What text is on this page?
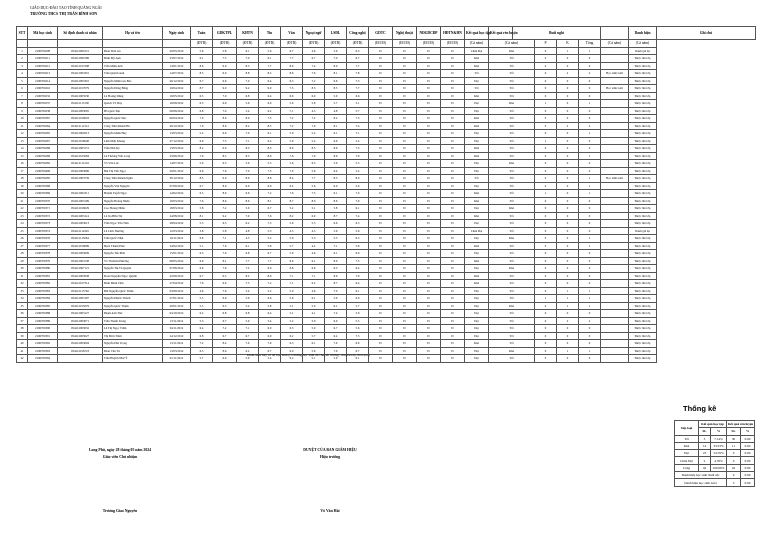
GIÁO DỤC-ĐÀO TẠO TỈNH QUẢNG NGÃI
TRƯỜNG THCS THỊ TRẤN BÌNH SƠN
STT	Mã học sinh	Số định danh cá nhân	Họ và tên	Ngày sinh	Toán	GDKTPL	KHTN	Tin	Văn	Ngoại ngữ	LSĐL	Công nghệ	GDTC	Nghệ thuật	NĐGDCĐP	HĐTN&HN	Kết quả học tập	Kết quả rèn luyện	Buổi nghỉ					Danh hiệu	Ghi chú
					(ĐTB)	(ĐTB)	(ĐTB)	(ĐTB)	(ĐTB)	(ĐTB)	(ĐTB)	(ĐTB)	(Đ/CĐ)	(Đ/CĐ)	(Đ/CĐ)	(Đ/CĐ)	(Cả năm)	(Cả năm)		P	K	Tổng	(Cả năm)	(Cả năm)	
1	2106700208	054212001021	Phan Thái An	20/05/2010	5.6	5.8	6.1	5.6	6.7	4.6	5.6	6.3	Đ	Đ	Đ	Đ	Chưa Đạt	Khá		0	1	1		Danh giá lại	
2	2106700211	054212001086	Đinh Mỹ Anh	23/07/2012	6.1	7.5	7.0	6.1	7.7	6.7	7.0	6.7	Đ	Đ	Đ	Đ	Khá	Tốt		0	0	0		Được lên lớp	
3	2106700212	054212017298	Trần Minh Anh	14/01/2012	8.6	9.0	8.3	7.7	8.9	7.4	8.0	7.7	Đ	Đ	Đ	Đ	Khá	Tốt		0	0	0		Được lên lớp	
4	2106700213	054212003301	Trần Quỳnh Anh	14/07/2012	8.5	9.0	8.8	8.2	8.6	7.6	8.1	7.8	Đ	Đ	Đ	Đ	Tốt	Tốt		0	2	2	Học sinh Giỏi	Được lên lớp	
5	2106700214	054212003310	Nguyễn Minh Gia Bảo	26/12/2012	6.7	6.6	7.0	6.4	6.5	7.2	6.6	7.3	Đ	Đ	Đ	Đ	Đạt	Tốt		0	0	0		Được lên lớp	
6	2106700216	054212017079	Nguyễn Đông Bằng	19/04/2012	8.7	9.0	9.2	9.0	7.5	8.3	8.5	7.7	Đ	Đ	Đ	Đ	Tốt	Tốt		0	0	0	Học sinh Giỏi	Được lên lớp	
7	2106700232	054212003530	Lê Hoàng Dũng	19/05/2012	6.5	7.0	6.8	6.4	6.6	6.9	5.9	6.6	Đ	Đ	Đ	Đ	Khá	Tốt		0	0	0		Được lên lớp	
8	2106700237	054212115130	Quách Võ Duy	16/09/2012	6.3	6.9	5.6	6.0	5.9	5.8	5.7	5.1	Đ	Đ	Đ	Đ	Đạt	Khá		1	0	1		Được lên lớp	
9	2106700238	054212003005	Hồ Quốc Đạt	09/06/2012	6.8	7.0	5.4	6.2	7.1	4.5	4.8	5.7	Đ	Đ	Đ	Đ	Đạt	Tốt		0	0	0		Được lên lớp	
10	2106700367	054212016003	Nguyễn Quốc Đạt	06/04/2012	7.0	8.6	8.0	7.5	7.2	7.2	8.2	7.3	Đ	Đ	Đ	Đ	Khá	Tốt		0	0	0		Được lên lớp	
11	2106700264	054212112112	Công Trần Khánh Hà	26/12/2012	7.0	8.6	8.2	8.5	7.2	7.9	8.1	7.4	Đ	Đ	Đ	Đ	Khá	Tốt		0	2	2		Được lên lớp	
12	2106700265	054212002013	Nguyễn Minh Huy	13/03/2012	5.4	6.6	7.0	6.1	5.0	5.2	6.1	7.1	Đ	Đ	Đ	Đ	Đạt	Tốt		0	0	1		Được lên lớp	
13	2106700267	054212016046	Lâm Nhật Khang	27/12/2012	6.9	7.5	7.1	6.2	5.9	5.2	6.9	5.4	Đ	Đ	Đ	Đ	Đạt	Tốt		1	0	0		Được lên lớp	
14	2106700268	054212003151	Trần Nhã Kỳ	13/03/2012	8.2	9.0	8.3	8.3	8.9	8.5	8.6	7.3	Đ	Đ	Đ	Đ	Khá	Tốt		0	0	0		Được lên lớp	
15	2106700269	054212015084	Lê Thương Yến Long	23/06/2012	7.6	8.5	8.5	8.6	7.6	7.9	8.6	7.9	Đ	Đ	Đ	Đ	Khá	Tốt		0	0	1		Được lên lớp	
16	2106700282	054212111216	Võ Văn Lực	14/07/2012	5.0	6.3	5.9	5.5	5.6	6.3	5.6	5.5	Đ	Đ	Đ	Đ	Đạt	Khá		0	0	0		Được lên lớp	
17	2106700406	054212003066	Bùi Thị Yến Ngọc	20/01/2012	6.6	7.6	7.0	7.5	7.0	5.9	6.4	5.4	Đ	Đ	Đ	Đ	Đạt	Tốt		0	0	0		Được lên lớp	
18	2106700285	054212003739	Công Trần Khánh Ngân	30/12/2012	8.5	9.0	8.6	8.8	8.4	7.7	8.5	8.0	Đ	Đ	Đ	Đ	Tốt	Tốt		0	0	1	Học sinh Giỏi	Được lên lớp	
19	2106700368		Nguyễn Văn Nguyên	07/09/2012	6.7	8.0	6.6	6.0	6.2	5.6	6.0	5.6	Đ	Đ	Đ	Đ	Đạt	Tốt		0	0	1		Được lên lớp	
20	2106700369	054212002311	Huỳnh Tuyết Ngọc	14/02/2012	6.5	8.6	6.6	7.2	7.6	7.3	6.1	7.0	Đ	Đ	Đ	Đ	Khá	Tốt		1	0	1		Được lên lớp	
21	2106700370	054212003199	Nguyễn Hoàng Nhân	19/03/2012	7.6	8.6	8.6	8.1	8.7	8.0	8.6	7.9	Đ	Đ	Đ	Đ	Khá	Tốt		0	0	0		Được lên lớp	
22	2106700371	054212016029	Cao Hoàng Nhân	18/03/2012	5.8	7.2	5.9	6.7	5.2	5.1	5.8	6.1	Đ	Đ	Đ	Đ	Đạt	Khá		0	0	0		Được lên lớp	
23	2106700372	054212003114	Lê Xa Hữu Tài	24/08/2012	8.1	9.2	7.9	7.6	8.2	6.9	8.7	7.4	Đ	Đ	Đ	Đ	Khá	Tốt		0	0	0		Được lên lớp	
24	2106700373	054212003013	Trần Ngọc Yên Tâm	28/04/2012	5.5	6.5	6.2	7.5	5.9	5.5	6.6	6.3	Đ	Đ	Đ	Đ	Đạt	Tốt		0	0	0		Được lên lớp	
25	2106700374	054212112245	Lê Cảm Thường	12/03/2012	3.8	5.8	4.8	5.3	4.5	4.5	5.9	5.6	Đ	Đ	Đ	Đ	Chưa Đạt	Tốt		0	0	0		Danh giá lại	
26	2106700376	054212115064	Trần Quốc Nhật	16/11/2012	6.8	7.1	4.5	5.2	5.0	5.3	5.3	6.5	Đ	Đ	Đ	Đ	Đạt	Khá		0	0	1		Được lên lớp	
27	2106700377	054212016089	Bạch Thành Phát	24/02/2012	5.1	7.6	6.1	5.8	5.7	4.2	7.1	5.8	Đ	Đ	Đ	Đ	Khá	Tốt		0	0	1		Được lên lớp	
28	2106700378	054212003009	Nguyễn Tấn Phát	15/01/2012	6.3	7.6	6.8	6.7	5.9	4.6	6.1	6.9	Đ	Đ	Đ	Đ	Đạt	Tốt		0	0	0		Được lên lớp	
29	2106700379	054212003138	Võ Thị Kim Phương	08/05/2012	6.9	8.1	7.7	7.7	6.9	6.1	8.0	7.5	Đ	Đ	Đ	Đ	Khá	Tốt		0	0	0		Được lên lớp	
30	2106700380	054212007121	Nguyễn Thị Tú Quyên	07/06/2012	6.9	7.6	7.2	6.0	6.8	6.6	6.3	6.4	Đ	Đ	Đ	Đ	Đạt	Khá		0	0	0		Được lên lớp	
31	2106700381	054212003938	Đoàn Nguyễn Ngọc Quỳnh	22/09/2012	6.7	9.5	8.2	8.6	7.1	7.1	8.6	7.9	Đ	Đ	Đ	Đ	Khá	Tốt		0	0	0		Được lên lớp	
32	2106700382	054212017314	Đinh Minh Tâm	27/04/2012	7.6	6.9	7.5	7.2	7.1	6.2	8.7	6.4	Đ	Đ	Đ	Đ	Khá	Tốt		0	0	0		Được lên lớp	
33	2106700383	054212115762	Bùi Nguyễn Quốc Thiên	03/09/2012	4.6	7.6	5.4	5.2	5.0	4.6	7.0	6.1	Đ	Đ	Đ	Đ	Đạt	Tốt		0	1	1		Được lên lớp	
34	2106700384	054212003187	Nguyễn Phước Thành	27/01/2012	5.5	6.9	5.6	6.6	5.6	6.1	5.9	6.0	Đ	Đ	Đ	Đ	Đạt	Tốt		1	1	1		Được lên lớp	
35	2106700385	054212015079	Nguyễn Quốc Thịnh	29/01/2012	5.5	6.5	5.4	5.8	5.1	5.0	6.1	5.7	Đ	Đ	Đ	Đ	Đạt	Khá		0	1	1		Được lên lớp	
36	2106700388	054212003127	Phạm Anh Thư	04/10/2012	6.2	6.8	6.8	6.4	5.1	4.1	7.4	5.9	Đ	Đ	Đ	Đ	Đạt	Tốt		0	0	0		Được lên lớp	
37	2106700389	054212003071	Trần Thanh Trung	13/11/2012	5.3	6.7	5.9	5.4	5.2	5.0	6.0	5.5	Đ	Đ	Đ	Đ	Đạt	Tốt		0	2	2		Được lên lớp	
38	2106700390	054212003032	Lê Thị Ngọc Trâm	04/11/2012	6.4	7.2	7.1	6.0	6.3	5.0	6.7	5.6	Đ	Đ	Đ	Đ	Đạt	Tốt		0	0	0		Được lên lớp	
39	2106700391	054212003027	Thị Bích Trâm	24/12/2012	6.8	6.7	6.7	6.9	6.2	5.7	6.4	7.5	Đ	Đ	Đ	Đ	Đạt	Tốt		0	0	0		Được lên lớp	
40	2106700392	054212003094	Nguyễn Phú Trọng	13/11/2012	7.2	8.4	7.9	7.9	6.3	6.1	7.9	6.9	Đ	Đ	Đ	Đ	Khá	Tốt		0	0	0		Được lên lớp	
41	2106700393	054212016723	Phan Văn Tú	13/03/2012	6.5	8.6	6.2	6.7	6.0	5.6	7.6	6.7	Đ	Đ	Đ	Đ	Đạt	Khá		0	1	1		Được lên lớp	
42	2106700394		Trần Huỳnh Như Ý	01/11/2012	5.7	6.9	5.9	5.4	6.2	5.1	5.9	6.1	Đ	Đ	Đ	Đ	Đạt	Tốt		0	0	0		Được lên lớp	
Danh sách này có 42 học sinh (có những học sinh đã chuyển trường, chuyển lớp, thôi học)
Thống kê
Xếp loại	Kết quả học tập		Kết quả rèn luyện	
	SL	%	SL	%
Tốt	3	7.14%	30	0.00
Khá	14	33.33%	11	0.00
Đạt	23	54.76%	0	0.00
Chưa Đạt	2	4.76%	0	0.00
Cộng	42	100.00%	42	0.00
Danh hiệu học sinh Xuất sắc			0	0.00
Danh hiệu học sinh Giỏi			3	0.00
Long Phú, ngày 28 tháng 05 năm 2024
Giáo viên Chủ nhiệm
DUYỆT CỦA BAN GIÁM HIỆU
Hiệu trưởng
Trương Giao Nguyên	Võ Văn Hải
